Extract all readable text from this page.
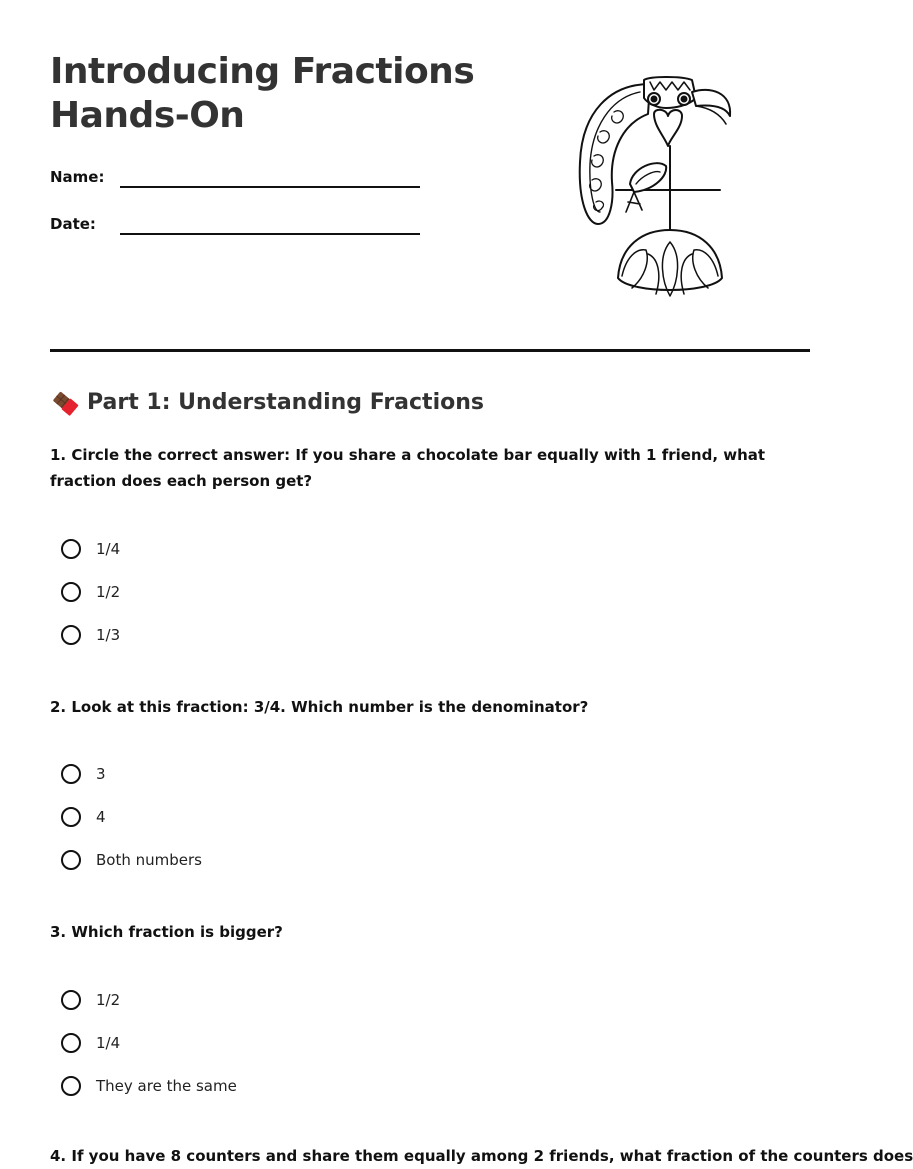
Introducing Fractions
Hands-On
Name:
Date:
Part 1: Understanding Fractions

1. Circle the correct answer: If you share a chocolate bar equally with 1 friend, what fraction does each person get?

1/4
1/2
1/3

2. Look at this fraction: 3/4. Which number is the denominator?

3
4
Both numbers

3. Which fraction is bigger?

1/2
1/4
They are the same

4. If you have 8 counters and share them equally among 2 friends, what fraction of the counters does
